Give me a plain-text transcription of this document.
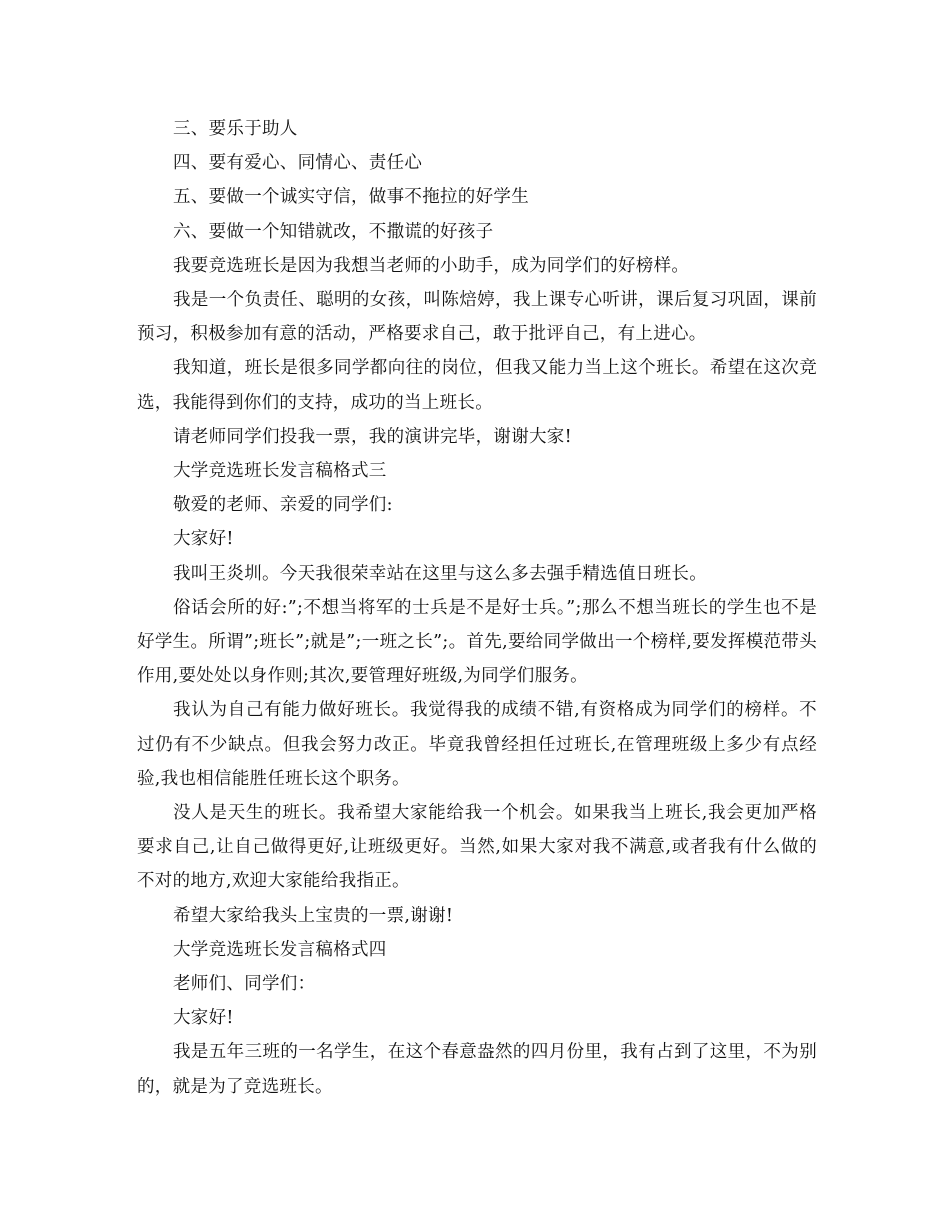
三、要乐于助人

四、要有爱心、同情心、责任心

五、要做一个诚实守信，做事不拖拉的好学生

六、要做一个知错就改，不撒谎的好孩子

我要竞选班长是因为我想当老师的小助手，成为同学们的好榜样。

我是一个负责任、聪明的女孩，叫陈焙婷，我上课专心听讲，课后复习巩固，课前预习，积极参加有意的活动，严格要求自己，敢于批评自己，有上进心。

我知道，班长是很多同学都向往的岗位，但我又能力当上这个班长。希望在这次竞选，我能得到你们的支持，成功的当上班长。

请老师同学们投我一票，我的演讲完毕，谢谢大家!

大学竞选班长发言稿格式三

敬爱的老师、亲爱的同学们:

大家好!

我叫王炎圳。今天我很荣幸站在这里与这么多去强手精选值日班长。

俗话会所的好:”;不想当将军的士兵是不是好士兵。”;那么不想当班长的学生也不是好学生。所谓”;班长”;就是”;一班之长”;。首先,要给同学做出一个榜样,要发挥模范带头作用,要处处以身作则;其次,要管理好班级,为同学们服务。

我认为自己有能力做好班长。我觉得我的成绩不错,有资格成为同学们的榜样。不过仍有不少缺点。但我会努力改正。毕竟我曾经担任过班长,在管理班级上多少有点经验,我也相信能胜任班长这个职务。

没人是天生的班长。我希望大家能给我一个机会。如果我当上班长,我会更加严格要求自己,让自己做得更好,让班级更好。当然,如果大家对我不满意,或者我有什么做的不对的地方,欢迎大家能给我指正。

希望大家给我头上宝贵的一票,谢谢!

大学竞选班长发言稿格式四

老师们、同学们：

大家好!

我是五年三班的一名学生，在这个春意盎然的四月份里，我有占到了这里，不为别的，就是为了竞选班长。
